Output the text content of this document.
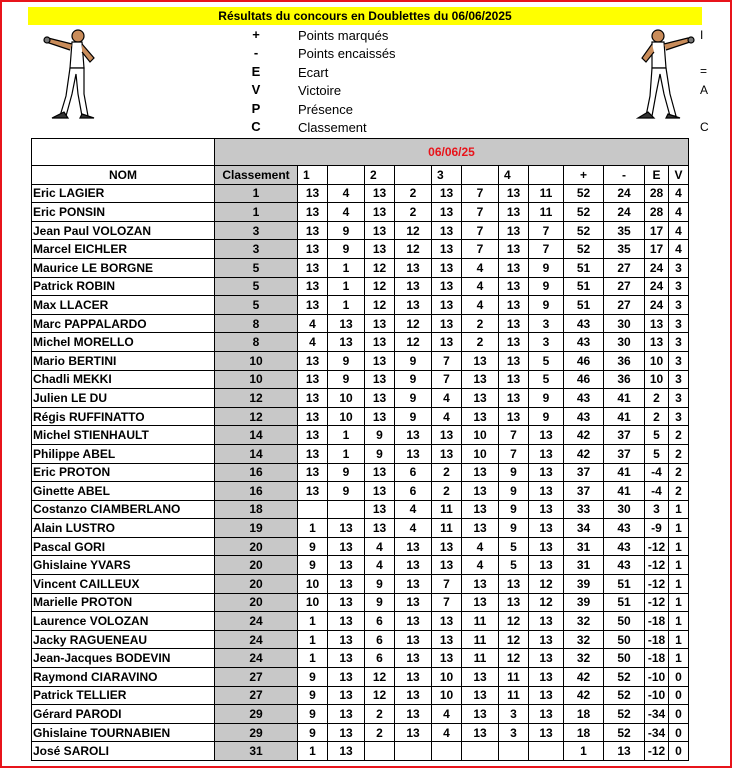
Résultats du concours en Doublettes du 06/06/2025
+	Points marqués
-	Points encaissés
E	Ecart
V	Victoire
P	Présence
C	Classement
I
=
A
C
	06/06/25												
NOM	Classement	1		2		3		4		+	-	E	V
Eric LAGIER	1	13	4	13	2	13	7	13	11	52	24	28	4
Eric PONSIN	1	13	4	13	2	13	7	13	11	52	24	28	4
Jean Paul VOLOZAN	3	13	9	13	12	13	7	13	7	52	35	17	4
Marcel EICHLER	3	13	9	13	12	13	7	13	7	52	35	17	4
Maurice LE BORGNE	5	13	1	12	13	13	4	13	9	51	27	24	3
Patrick ROBIN	5	13	1	12	13	13	4	13	9	51	27	24	3
Max LLACER	5	13	1	12	13	13	4	13	9	51	27	24	3
Marc PAPPALARDO	8	4	13	13	12	13	2	13	3	43	30	13	3
Michel MORELLO	8	4	13	13	12	13	2	13	3	43	30	13	3
Mario BERTINI	10	13	9	13	9	7	13	13	5	46	36	10	3
Chadli MEKKI	10	13	9	13	9	7	13	13	5	46	36	10	3
Julien LE DU	12	13	10	13	9	4	13	13	9	43	41	2	3
Régis RUFFINATTO	12	13	10	13	9	4	13	13	9	43	41	2	3
Michel STIENHAULT	14	13	1	9	13	13	10	7	13	42	37	5	2
Philippe ABEL	14	13	1	9	13	13	10	7	13	42	37	5	2
Eric PROTON	16	13	9	13	6	2	13	9	13	37	41	-4	2
Ginette ABEL	16	13	9	13	6	2	13	9	13	37	41	-4	2
Costanzo CIAMBERLANO	18			13	4	11	13	9	13	33	30	3	1
Alain LUSTRO	19	1	13	13	4	11	13	9	13	34	43	-9	1
Pascal GORI	20	9	13	4	13	13	4	5	13	31	43	-12	1
Ghislaine YVARS	20	9	13	4	13	13	4	5	13	31	43	-12	1
Vincent CAILLEUX	20	10	13	9	13	7	13	13	12	39	51	-12	1
Marielle PROTON	20	10	13	9	13	7	13	13	12	39	51	-12	1
Laurence VOLOZAN	24	1	13	6	13	13	11	12	13	32	50	-18	1
Jacky RAGUENEAU	24	1	13	6	13	13	11	12	13	32	50	-18	1
Jean-Jacques BODEVIN	24	1	13	6	13	13	11	12	13	32	50	-18	1
Raymond CIARAVINO	27	9	13	12	13	10	13	11	13	42	52	-10	0
Patrick TELLIER	27	9	13	12	13	10	13	11	13	42	52	-10	0
Gérard PARODI	29	9	13	2	13	4	13	3	13	18	52	-34	0
Ghislaine TOURNABIEN	29	9	13	2	13	4	13	3	13	18	52	-34	0
José SAROLI	31	1	13							1	13	-12	0
